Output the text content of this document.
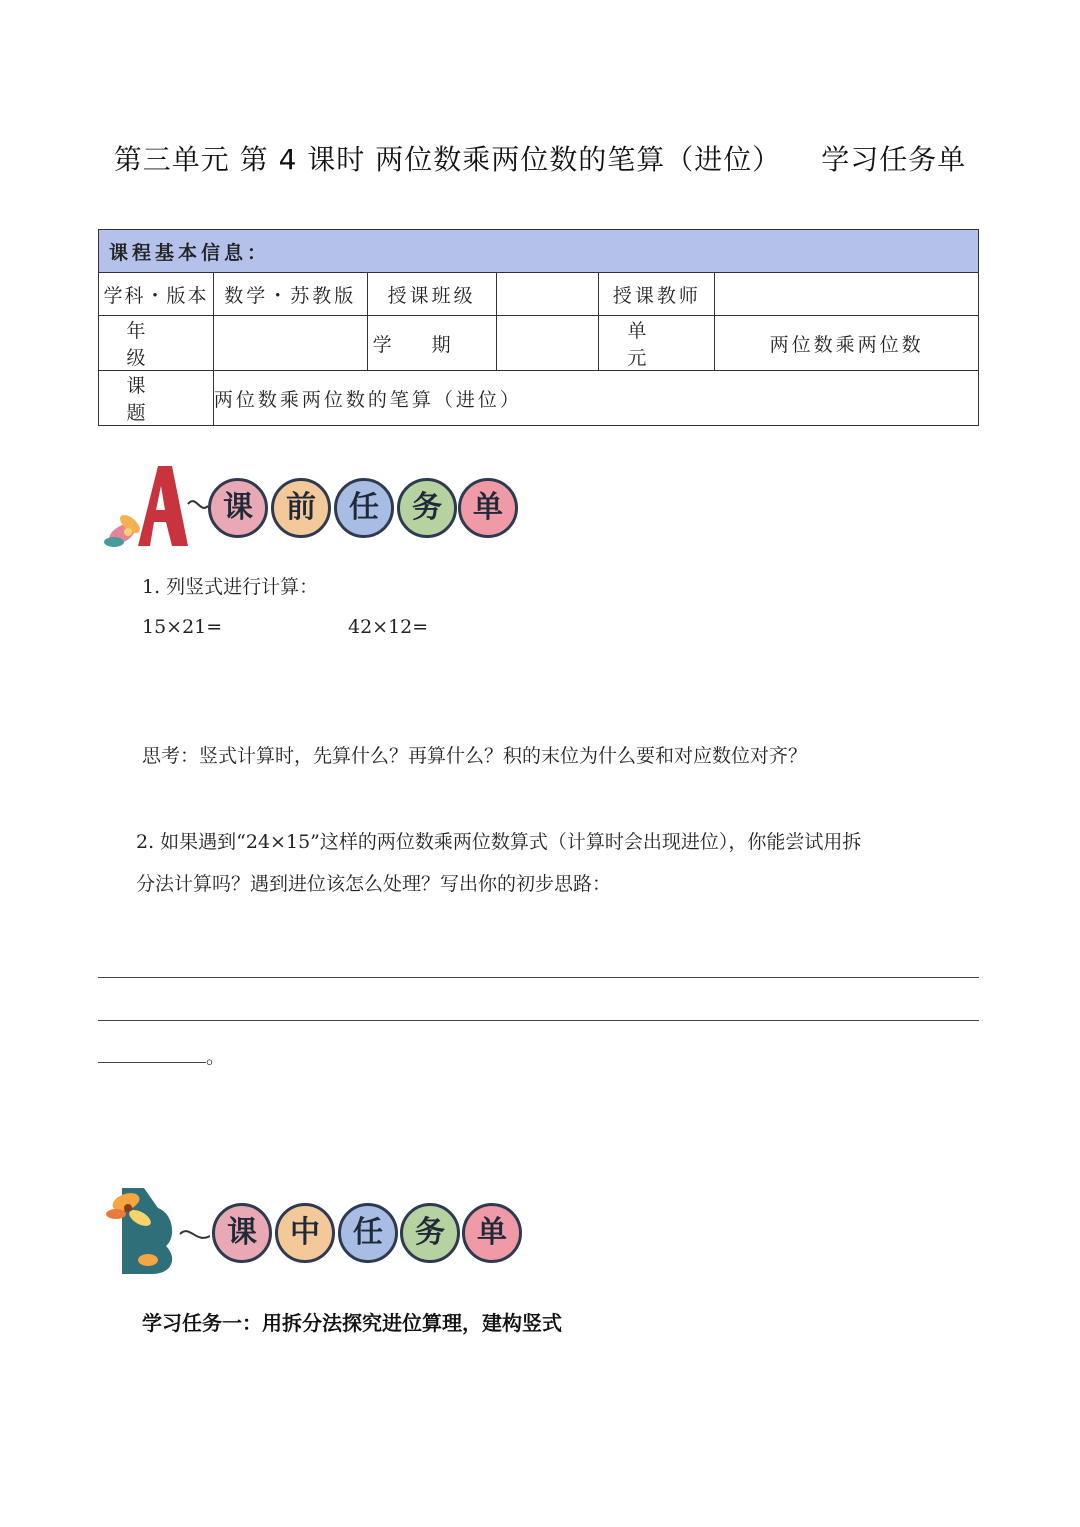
第三单元 第 4 课时 两位数乘两位数的笔算（进位） 学习任务单
课程基本信息：					
学科・版本	数学・苏教版	授课班级		授课教师	
年级		学期		单元	两位数乘两位数
课题	两位数乘两位数的笔算（进位）				
课	前	任	务	单
1. 列竖式进行计算：
15×21=	42×12=
思考：竖式计算时，先算什么？再算什么？积的末位为什么要和对应数位对齐？
2. 如果遇到“24×15”这样的两位数乘两位数算式（计算时会出现进位），你能尝试用拆
分法计算吗？遇到进位该怎么处理？写出你的初步思路：
。
课	中	任	务	单
学习任务一：用拆分法探究进位算理，建构竖式
